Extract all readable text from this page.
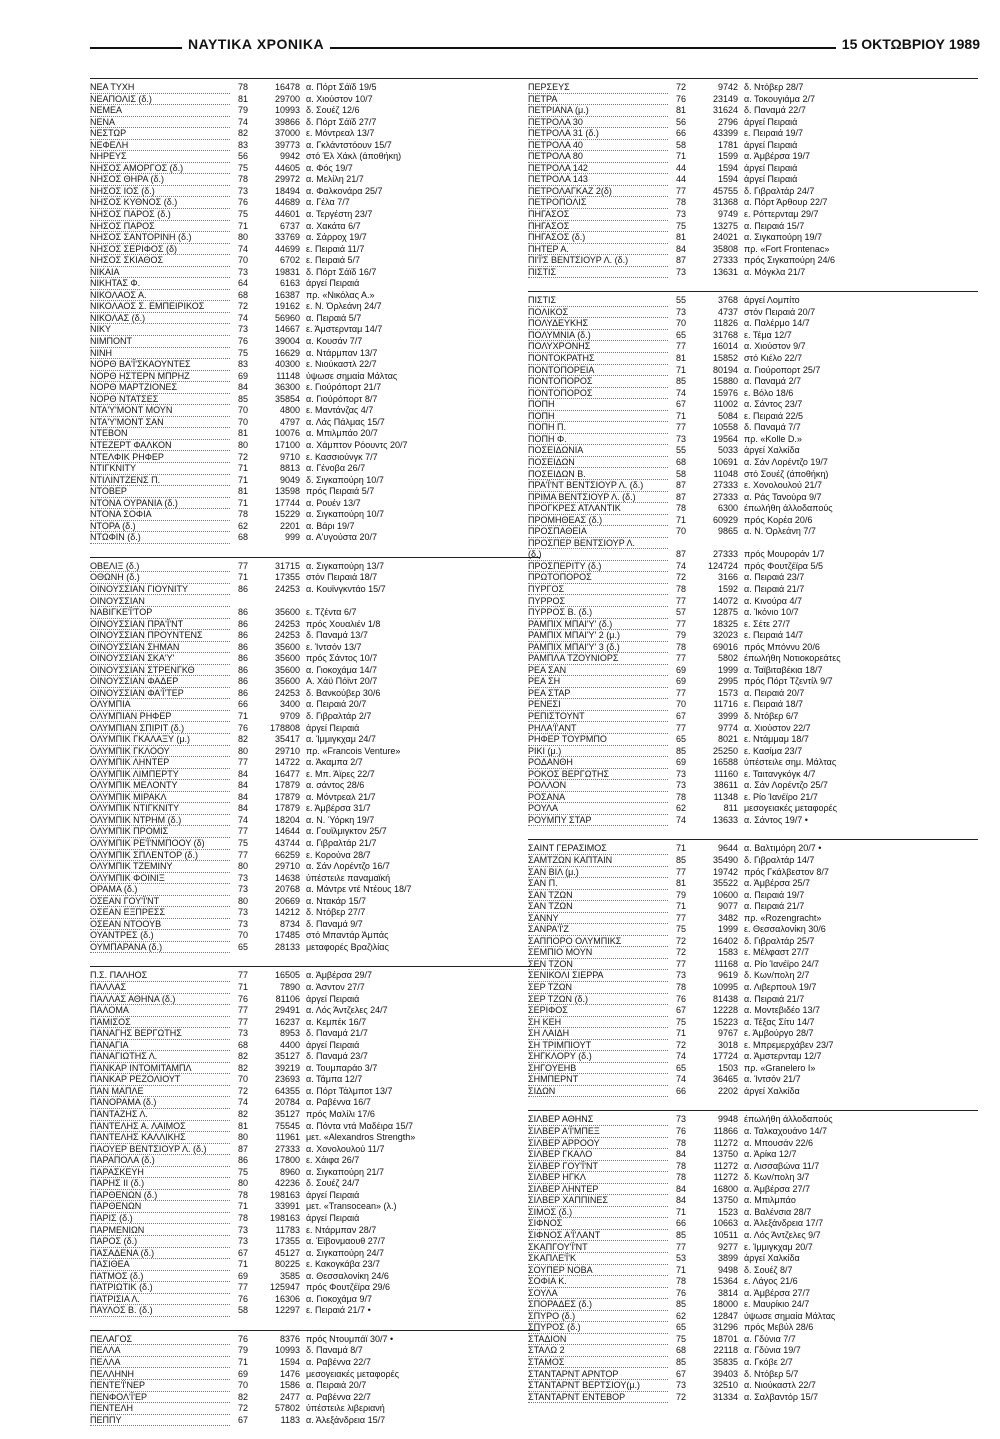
ΝΑΥΤΙΚΑ ΧΡΟΝΙΚΑ	15 ΟΚΤΩΒΡΙΟΥ 1989
ΝΕΑ ΤΥΧΗ	78	16478 α. Πόρτ Σάϊδ 19/5
ΝΕΑΠΟΛΙΣ (δ.)	81	29700 α. Χιούστον 10/7
ΝΕΜΕΑ	79	10993 δ. Σουέζ 12/6
ΝΕΝΑ	74	39866 δ. Πόρτ Σάϊδ 27/7
ΝΕΣΤΩΡ	82	37000 ε. Μόντρεαλ 13/7
ΝΕΦΕΛΗ	83	39773 α. Γκλάντστόουν 15/7
ΝΗΡΕΥΣ	56	9942 στό Έλ Χάκλ (άποθήκη)
ΝΗΣΟΣ ΑΜΟΡΓΟΣ (δ.)	75	44605 α. Φός 19/7
ΝΗΣΟΣ ΘΗΡΑ (δ.)	78	29972 α. Μελίλη 21/7
ΝΗΣΟΣ ΙΟΣ (δ.)	73	18494 α. Φαλκονάρα 25/7
ΝΗΣΟΣ ΚΥΘΝΟΣ (δ.)	76	44689 α. Γέλα 7/7
ΝΗΣΟΣ ΠΑΡΟΣ (δ.)	75	44601 α. Τεργέστη 23/7
ΝΗΣΟΣ ΠΑΡΟΣ	71	6737 α. Χακάτα 6/7
ΝΗΣΟΣ ΣΑΝΤΟΡΙΝΗ (δ.)	80	33769 α. Σάρροχ 19/7
ΝΗΣΟΣ ΣΕΡΙΦΟΣ (δ)	74	44699 ε. Πειραιά 11/7
ΝΗΣΟΣ ΣΚΙΑΘΟΣ	70	6702 ε. Πειραιά 5/7
ΝΙΚΑΙΑ	73	19831 δ. Πόρτ Σάϊδ 16/7
ΝΙΚΗΤΑΣ Φ.	64	6163 άργεί Πειραιά
ΝΙΚΟΛΑΟΣ Α.	68	16387 πρ. «Νικόλας Α.»
ΝΙΚΟΛΑΟΣ Σ. ΕΜΠΕΙΡΙΚΟΣ	72	19162 ε. Ν. Όρλεάνη 24/7
ΝΙΚΟΛΑΣ (δ.)	74	56960 α. Πειραιά 5/7
ΝΙΚΥ	73	14667 ε. Άμστερνταμ 14/7
ΝΙΜΠΟΝΤ	76	39004 α. Κουσάν 7/7
ΝΙΝΗ	75	16629 α. Ντάρμπαν 13/7
ΝΟΡΘ ΒΑ'Ϊ'ΣΚΑΟΥΝΤΕΣ	83	40300 ε. Νιούκαστλ 22/7
ΝΟΡΘ ΗΣΤΕΡΝ ΜΠΡΗΖ	69	11148 ύψωσε σημαία Μάλτας
ΝΟΡΘ ΜΑΡΤΖΙΟΝΕΣ	84	36300 ε. Γιούρόπορτ 21/7
ΝΟΡΘ ΝΤΑΤΣΕΣ	85	35854 α. Γιούρόπορτ 8/7
ΝΤΑ'Υ'ΜΟΝΤ ΜΟΥΝ	70	4800 ε. Μαντάνζας 4/7
ΝΤΑ'Υ'ΜΟΝΤ ΣΑΝ	70	4797 α. Λάς Πάλμας 15/7
ΝΤΕΒΟΝ	81	10076 α. Μπιλμπάο 20/7
ΝΤΕΖΕΡΤ ΦΑΛΚΟΝ	80	17100 α. Χάμπτον Ρόουντς 20/7
ΝΤΕΛΦΙΚ ΡΗΦΕΡ	72	9710 ε. Κασσιούνγκ 7/7
ΝΤΙΓΚΝΙΤΥ	71	8813 α. Γένοβα 26/7
ΝΤΙΛΙΝΤΖΕΝΣ Π.	71	9049 δ. Σιγκαπούρη 10/7
ΝΤΟΒΕΡ	81	13598 πρός Πειραιά 5/7
ΝΤΟΝΑ ΟΥΡΑΝΙΑ (δ.)	71	17744 α. Ρουέν 13/7
ΝΤΟΝΑ ΣΟΦΙΑ	78	15229 α. Σιγκαπούρη 10/7
ΝΤΟΡΑ (δ.)	62	2201 α. Βάρι 19/7
ΝΤΩΦΙΝ (δ.)	68	999 α. Α'υγούστα 20/7
ΟΒΕΛΙΞ (δ.)	77	31715 α. Σιγκαπούρη 13/7
ΟΘΩΝΗ (δ.)	71	17355 στόν Πειραιά 18/7
ΟΙΝΟΥΣΣΙΑΝ ΓΙΟΥΝΙΤΥ	86	24253 α. Κουϊνγκντάο 15/7
ΟΙΝΟΥΣΣΙΑΝ
ΝΑΒΙΓΚΕ'Ϊ'ΤΟΡ	86	35600 ε. Τζέντα 6/7
ΟΙΝΟΥΣΣΙΑΝ ΠΡΑ'Ϊ'ΝΤ	86	24253 πρός Χουαλιέν 1/8
ΟΙΝΟΥΣΣΙΑΝ ΠΡΟΥΝΤΕΝΣ	86	24253 δ. Παναμά 13/7
ΟΙΝΟΥΣΣΙΑΝ ΣΗΜΑΝ	86	35600 ε. Ίντσόν 13/7
ΟΙΝΟΥΣΣΙΑΝ ΣΚΑ'Υ'	86	35600 πρός Σάντος 10/7
ΟΙΝΟΥΣΣΙΑΝ ΣΤΡΕΝΓΚΘ	86	35600 α. Γιοκοχάμα 14/7
ΟΙΝΟΥΣΣΙΑΝ ΦΑΔΕΡ	86	35600 Α. Χάϋ Πόϊντ 20/7
ΟΙΝΟΥΣΣΙΑΝ ΦΑ'Ϊ'ΤΕΡ	86	24253 δ. Βανκούβερ 30/6
ΟΛΥΜΠΙΑ	66	3400 α. Πειραιά 20/7
ΟΛΥΜΠΙΑΝ ΡΗΦΕΡ	71	9709 δ. Γιβραλτάρ 2/7
ΟΛΥΜΠΙΑΝ ΣΠΙΡΙΤ (δ.)	76	178808 άργεί Πειραιά
ΟΛΥΜΠΙΚ ΓΚΑΛΑΞΥ (μ.)	82	35417 α. Ίμμιγκχαμ 24/7
ΟΛΥΜΠΙΚ ΓΚΛΟΟΥ	80	29710 πρ. «Francois Venture»
ΟΛΥΜΠΙΚ ΛΗΝΤΕΡ	77	14722 α. Άκαμπα 2/7
ΟΛΥΜΠΙΚ ΛΙΜΠΕΡΤΥ	84	16477 ε. Μπ. Άϊρες 22/7
ΟΛΥΜΠΙΚ ΜΕΛΟΝΤΥ	84	17879 α. σάντος 28/6
ΟΛΥΜΠΙΚ ΜΙΡΑΚΛ	84	17879 α. Μόντρεαλ 21/7
ΟΛΥΜΠΙΚ ΝΤΙΓΚΝΙΤΥ	84	17879 ε. Άμβέρσα 31/7
ΟΛΥΜΠΙΚ ΝΤΡΗΜ (δ.)	74	18204 α. Ν. Ύόρκη 19/7
ΟΛΥΜΠΙΚ ΠΡΟΜΙΣ	77	14644 α. Γουϊλμιγκτον 25/7
ΟΛΥΜΠΙΚ ΡΕ'Ϊ'ΝΜΠΟΟΥ (δ)	75	43744 α. Γιβραλτάρ 21/7
ΟΛΥΜΠΙΚ ΣΠΛΕΝΤΟΡ (δ.)	77	66259 ε. Κορούνα 28/7
ΟΛΥΜΠΙΚ ΤΖΕΜΙΝΥ	80	29710 α. Σάν Λορέντζο 16/7
ΟΛΥΜΠΙΚ ΦΟΙΝΙΞ	73	14638 ύπέστειλε παναμαϊκή
ΟΡΑΜΑ (δ.)	73	20768 α. Μάντρε ντέ Ντέους 18/7
ΟΣΕΑΝ ΓΟΥ'Ϊ'ΝΤ	80	20669 α. Ντακάρ 15/7
ΟΣΕΑΝ ΕΞΠΡΕΣΣ	73	14212 δ. Ντόβερ 27/7
ΟΣΕΑΝ ΝΤΟΟΥΒ	73	8734 δ. Παναμά 9/7
ΟΥΑΝΤΡΕΣ (δ.)	70	17485 στό Μπαντάρ Άμπάς
ΟΥΜΠΑΡΑΝΑ (δ.)	65	28133 μεταφορές Βραζιλίας
Π.Σ. ΠΑΛΗΟΣ	77	16505 α. Άμβέρσα 29/7
ΠΑΛΛΑΣ	71	7890 α. Άσντον 27/7
ΠΑΛΛΑΣ ΑΘΗΝΑ (δ.)	76	81106 άργεί Πειραιά
ΠΑΛΟΜΑ	77	29491 α. Λός Άντζελες 24/7
ΠΑΜΙΣΟΣ	77	16237 α. Κεμπέκ 16/7
ΠΑΝΑΓΗΣ ΒΕΡΓΩΤΗΣ	73	8953 δ. Παναμά 21/7
ΠΑΝΑΓΙΑ	68	4400 άργεί Πειραιά
ΠΑΝΑΓΙΩΤΗΣ Λ.	82	35127 δ. Παναμά 23/7
ΠΑΝΚΑΡ ΙΝΤΟΜΙΤΑΜΠΛ	82	39219 α. Τουμπαράο 3/7
ΠΑΝΚΑΡ ΡΕΖΟΛΙΟΥΤ	70	23693 α. Τάμπα 12/7
ΠΑΝ ΜΑΠΛΕ	72	64355 α. Πόρτ Τάλμποτ 13/7
ΠΑΝΟΡΑΜΑ (δ.)	74	20784 α. Ραβέννα 16/7
ΠΑΝΤΑΖΗΣ Λ.	82	35127 πρός Μαλίλι 17/6
ΠΑΝΤΕΛΗΣ Α. ΛΑΙΜΟΣ	81	75545 α. Πόντα ντά Μαδέιρα 15/7
ΠΑΝΤΕΛΗΣ ΚΑΛΛΙΚΗΣ	80	11961 μετ. «Alexandros Strength»
ΠΑΟΥΕΡ ΒΕΝΤΣΙΟΥΡ Λ. (δ.)	87	27333 α. Χονολουλού 11/7
ΠΑΡΑΠΟΛΑ (δ.)	86	17800 ε. Χάιφα 26/7
ΠΑΡΑΣΚΕΥΗ	75	8960 α. Σιγκαπούρη 21/7
ΠΑΡΗΣ ΙΙ (δ.)	80	42236 δ. Σουέζ 24/7
ΠΑΡΘΕΝΩΝ (δ.)	78	198163 άργεί Πειραιά
ΠΑΡΘΕΝΩΝ	71	33991 μετ. «Transocean» (λ.)
ΠΑΡΙΣ (δ.)	78	198163 άργεί Πειραιά
ΠΑΡΜΕΝΙΩΝ	73	11783 ε. Ντάρμπαν 28/7
ΠΑΡΟΣ (δ.)	73	17355 α. Έϊβονμαουθ 27/7
ΠΑΣΑΔΕΝΑ (δ.)	67	45127 α. Σιγκαπούρη 24/7
ΠΑΣΙΘΕΑ	71	80225 ε. Κακογκάβα 23/7
ΠΑΤΜΟΣ (δ.)	69	3585 α. Θεσσαλονίκη 24/6
ΠΑΤΡΙΩΤΙΚ (δ.)	77	125947 πρός Φουτζέϊρα 29/6
ΠΑΤΡΙΣΙΑ Λ.	76	16306 α. Γιοκοχάμα 9/7
ΠΑΥΛΟΣ Β. (δ.)	58	12297 ε. Πειραιά 21/7 •
ΠΕΛΑΓΟΣ	76	8376 πρός Ντουμπάϊ 30/7 •
ΠΕΛΛΑ	79	10993 δ. Παναμά 8/7
ΠΕΛΛΑ	71	1594 α. Ραβέννα 22/7
ΠΕΛΛΗΝΗ	69	1476 μεσογειακές μεταφορές
ΠΕΝΤΕ'Ϊ'ΝΕΡ	70	1586 α. Πειραιά 20/7
ΠΕΝΦΟΛ'Ϊ'ΕΡ	82	2477 α. Ραβέννα 22/7
ΠΕΝΤΕΛΗ	72	57802 ύπέστειλε λιβεριανή
ΠΕΠΠΥ	67	1183 α. Άλεξάνδρεια 15/7
ΠΕΡΣΕΥΣ	72	9742 δ. Ντόβερ 28/7
ΠΕΤΡΑ	76	23149 α. Τοκουγιάμα 2/7
ΠΕΤΡΙΑΝΑ (μ.)	81	31624 δ. Παναμά 22/7
ΠΕΤΡΟΛΑ 30	56	2796 άργεί Πειραιά
ΠΕΤΡΟΛΑ 31 (δ.)	66	43399 ε. Πειραιά 19/7
ΠΕΤΡΟΛΑ 40	58	1781 άργεί Πειραιά
ΠΕΤΡΟΛΑ 80	71	1599 α. Άμβέρσα 19/7
ΠΕΤΡΟΛΑ 142	44	1594 άργεί Πειραιά
ΠΕΤΡΟΛΑ 143	44	1594 άργεί Πειραιά
ΠΕΤΡΟΛΑΓΚΑΖ 2(δ)	77	45755 δ. Γιβραλτάρ 24/7
ΠΕΤΡΟΠΟΛΙΣ	78	31368 α. Πόρτ Άρθουρ 22/7
ΠΗΓΑΣΟΣ	73	9749 ε. Ρόττερνταμ 29/7
ΠΗΓΑΣΟΣ	75	13275 α. Πειραιά 15/7
ΠΗΓΑΣΟΣ (δ.)	81	24021 α. Σιγκαπούρη 19/7
ΠΗΤΕΡ Α.	84	35808 πρ. «Fort Frontenac»
ΠΙ'Ϊ'Σ ΒΕΝΤΣΙΟΥΡ Λ. (δ.)	87	27333 πρός Σιγκαπούρη 24/6
ΠΙΣΤΙΣ	73	13631 α. Μόγκλα 21/7
ΠΙΣΤΙΣ	55	3768 άργεί Λομπίτο
ΠΟΛΙΚΟΣ	73	4737 στόν Πειραιά 20/7
ΠΟΛΥΔΕΥΚΗΣ	70	11826 α. Παλέρμο 14/7
ΠΟΛΥΜΝΙΑ (δ.)	65	31768 ε. Τέμα 12/7
ΠΟΛΥΧΡΟΝΗΣ	77	16014 α. Χιούστον 9/7
ΠΟΝΤΟΚΡΑΤΗΣ	81	15852 στό Κιέλο 22/7
ΠΟΝΤΟΠΟΡΕΙΑ	71	80194 α. Γιούροπορτ 25/7
ΠΟΝΤΟΠΟΡΟΣ	85	15880 α. Παναμά 2/7
ΠΟΝΤΟΠΟΡΟΣ	74	15976 ε. Βόλο 18/6
ΠΟΠΗ	67	11002 α. Σάντος 23/7
ΠΟΠΗ	71	5084 ε. Πειραιά 22/5
ΠΟΠΗ Π.	77	10558 δ. Παναμά 7/7
ΠΟΠΗ Φ.	73	19564 πρ. «Kolle D.»
ΠΟΣΕΙΔΩΝΙΑ	55	5033 άργεί Χαλκίδα
ΠΟΣΕΙΔΩΝ	68	10691 α. Σάν Λορέντζο 19/7
ΠΟΣΕΙΔΩΝ Β.	58	11048 στό Σουέζ (άποθήκη)
ΠΡΑ'Ϊ'ΝΤ ΒΕΝΤΣΙΟΥΡ Λ. (δ.)	87	27333 ε. Χονολουλού 21/7
ΠΡΙΜΑ ΒΕΝΤΣΙΟΥΡ Λ. (δ.)	87	27333 α. Ράς Τανούρα 9/7
ΠΡΟΓΚΡΕΣ ΑΤΛΑΝΤΙΚ	78	6300 έπωλήθη άλλοδαπούς
ΠΡΟΜΗΘΕΑΣ (δ.)	71	60929 πρός Κορέα 20/6
ΠΡΟΣΠΑΘΕΙΑ	70	9865 α. Ν. Όρλεάνη 7/7
ΠΡΟΣΠΕΡ ΒΕΝΤΣΙΟΥΡ Λ.
(δ.)	87	27333 πρός Μουροράν 1/7
ΠΡΟΣΠΕΡΙΤΥ (δ.)	74	124724 πρός Φουτζέϊρα 5/5
ΠΡΩΤΟΠΟΡΟΣ	72	3166 α. Πειραιά 23/7
ΠΥΡΓΟΣ	78	1592 α. Πειραιά 21/7
ΠΥΡΡΟΣ	77	14072 α. Κινούρα 4/7
ΠΥΡΡΟΣ Β. (δ.)	57	12875 α. Ίκόνιο 10/7
ΡΑΜΠΙΧ ΜΠΑΙ'Υ' (δ.)	77	18325 ε. Σέτε 27/7
ΡΑΜΠΙΧ ΜΠΑΙ'Υ' 2 (μ.)	79	32023 ε. Πειραιά 14/7
ΡΑΜΠΙΧ ΜΠΑΙ'Υ' 3 (δ.)	78	69016 πρός Μπόννυ 20/6
ΡΑΜΠΛΑ ΤΖΟΥΝΙΟΡΣ	77	5802 έπωλήθη Νοτιοκορεάτες
ΡΕΑ ΣΑΝ	69	1999 α. Ταϊβιταβέκια 18/7
ΡΕΑ ΣΗ	69	2995 πρός Πόρτ Τζεντίλ 9/7
ΡΕΑ ΣΤΑΡ	77	1573 α. Πειραιά 20/7
ΡΕΝΕΣΙ	70	11716 ε. Πειραιά 18/7
ΡΕΠΙΣΤΟΥΝΤ	67	3999 δ. Ντόβερ 6/7
ΡΗΛΑ'Ϊ'ΑΝΤ	77	9774 α. Χιούστον 22/7
ΡΗΦΕΡ ΤΟΥΡΜΠΟ	65	8021 ε. Ντάμμαμ 18/7
ΡΙΚΙ (μ.)	85	25250 ε. Κασίμα 23/7
ΡΟΔΑΝΘΗ	69	16588 ύπέστειλε σημ. Μάλτας
ΡΟΚΟΣ ΒΕΡΓΩΤΗΣ	73	11160 ε. Ταιτανγκόγκ 4/7
ΡΟΛΛΟΝ	73	38611 α. Σάν Λορέντζο 25/7
ΡΟΣΑΝΑ	78	11348 ε. Ρίο Ίανέϊρο 21/7
ΡΟΥΛΑ	62	811 μεσογειακές μεταφορές
ΡΟΥΜΠΥ ΣΤΑΡ	74	13633 α. Σάντος 19/7 •
ΣΑΙΝΤ ΓΕΡΑΣΙΜΟΣ	71	9644 α. Βαλτιμόρη 20/7 •
ΣΑΜΤΖΩΝ ΚΑΠΤΑΙΝ	85	35490 δ. Γιβραλτάρ 14/7
ΣΑΝ ΒΙΛ (μ.)	77	19742 πρός Γκάλβεστον 8/7
ΣΑΝ Π.	81	35522 α. Άμβέρσα 25/7
ΣΑΝ ΤΖΩΝ	79	10600 α. Πειραιά 19/7
ΣΑΝ ΤΖΩΝ	71	9077 α. Πειραιά 21/7
ΣΑΝΝΥ	77	3482 πρ. «Rozengracht»
ΣΑΝΡΑ'Ϊ'Ζ	75	1999 ε. Θεσσαλονίκη 30/6
ΣΑΠΠΟΡΟ ΟΛΥΜΠΙΚΣ	72	16402 δ. Γιβραλτάρ 25/7
ΣΕΜΠΙΟ ΜΟΥΝ	72	1583 ε. Μέλφαστ 27/7
ΣΕΝ ΤΖΟΝ	77	11168 α. Ρίο Ίανέϊρο 24/7
ΣΕΝΙΚΟΛΙ ΣΙΕΡΡΑ	73	9619 δ. Κων/πολη 2/7
ΣΕΡ ΤΖΩΝ	78	10995 α. Λιβερπουλ 19/7
ΣΕΡ ΤΖΩΝ (δ.)	76	81438 α. Πειραιά 21/7
ΣΕΡΙΦΟΣ	67	12228 α. Μοντεβιδέο 13/7
ΣΗ ΚΕΗ	75	15223 α. Τέξας Σίτυ 14/7
ΣΗ ΛΑΙΔΗ	71	9767 ε. Άμβούργο 28/7
ΣΗ ΤΡΙΜΠΙΟΥΤ	72	3018 ε. Μπρεμερχάβεν 23/7
ΣΗΓΚΛΟΡΥ (δ.)	74	17724 α. Άμστερνταμ 12/7
ΣΗΓΟΥΕΗΒ	65	1503 πρ. «Granelero I»
ΣΗΜΠΕΡΝΤ	74	36465 α. Ίντσόν 21/7
ΣΙΔΩΝ	66	2202 άργεί Χαλκίδα
ΣΙΛΒΕΡ ΑΘΗΝΣ	73	9948 έπωλήθη άλλοδαπούς
ΣΙΛΒΕΡ Α'Ϊ'ΜΠΕΞ	76	11866 α. Ταλκαχουάνο 14/7
ΣΙΛΒΕΡ ΑΡΡΟΟΥ	78	11272 α. Μπουσάν 22/6
ΣΙΛΒΕΡ ΓΚΑΛΟ	84	13750 α. Άρίκα 12/7
ΣΙΛΒΕΡ ΓΟΥ'Ϊ'ΝΤ	78	11272 α. Λισσαβώνα 11/7
ΣΙΛΒΕΡ ΗΓΚΛ	78	11272 δ. Κων/πολη 3/7
ΣΙΛΒΕΡ ΛΗΝΤΕΡ	84	16800 α. Άμβέρσα 27/7
ΣΙΛΒΕΡ ΧΑΠΠΙΝΕΣ	84	13750 α. Μπιλμπάο
ΣΙΜΟΣ (δ.)	71	1523 α. Βαλένσια 28/7
ΣΙΦΝΟΣ	66	10663 α. Άλεξάνδρεια 17/7
ΣΙΦΝΟΣ Α'Ϊ'ΛΑΝΤ	85	10511 α. Λός Άντζελες 9/7
ΣΚΑΠΓΟΥ'Ϊ'ΝΤ	77	9277 ε. Ίμμιγκχαμ 20/7
ΣΚΑΠΛΕ'Ϊ'Κ	53	3899 άργεί Χαλκίδα
ΣΟΥΠΕΡ ΝΟΒΑ	71	9498 δ. Σουέζ 8/7
ΣΟΦΙΑ Κ.	78	15364 ε. Λάγος 21/6
ΣΟΥΛΑ	76	3814 α. Άμβέρσα 27/7
ΣΠΟΡΑΔΕΣ (δ.)	85	18000 ε. Μαυρίκιο 24/7
ΣΠΥΡΟ (δ.)	62	12847 ύψωσε σημαία Μάλτας
ΣΠΥΡΟΣ (δ.)	65	31296 πρός Μεβύλ 28/6
ΣΤΑΔΙΟΝ	75	18701 α. Γδύνια 7/7
ΣΤΑΛΩ 2	68	22118 α. Γδύνια 19/7
ΣΤΑΜΟΣ	85	35835 α. Γκόβε 2/7
ΣΤΑΝΤΑΡΝΤ ΑΡΝΤΟΡ	67	39403 δ. Ντόβερ 5/7
ΣΤΑΝΤΑΡΝΤ ΒΕΡΤΣΙΟΥ(μ.)	73	32510 α. Νιούκαστλ 22/7
ΣΤΑΝΤΑΡΝΤ ΕΝΤΕΒΟΡ	72	31334 α. Σαλβαντόρ 15/7
